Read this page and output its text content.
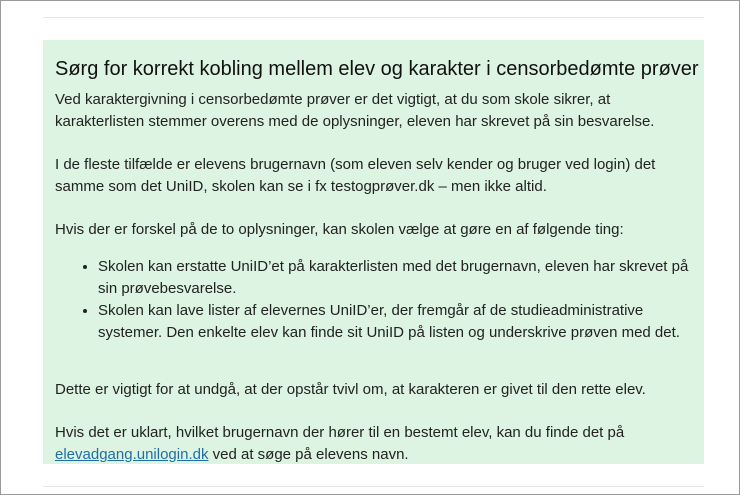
Sørg for korrekt kobling mellem elev og karakter i censorbedømte prøver

Ved karaktergivning i censorbedømte prøver er det vigtigt, at du som skole sikrer, at karakterlisten stemmer overens med de oplysninger, eleven har skrevet på sin besvarelse.

I de fleste tilfælde er elevens brugernavn (som eleven selv kender og bruger ved login) det samme som det UniID, skolen kan se i fx testogprøver.dk – men ikke altid.

Hvis der er forskel på de to oplysninger, kan skolen vælge at gøre en af følgende ting:

• Skolen kan erstatte UniID’et på karakterlisten med det brugernavn, eleven har skrevet på sin prøvebesvarelse.
• Skolen kan lave lister af elevernes UniID’er, der fremgår af de studieadministrative systemer. Den enkelte elev kan finde sit UniID på listen og underskrive prøven med det.

Dette er vigtigt for at undgå, at der opstår tvivl om, at karakteren er givet til den rette elev.

Hvis det er uklart, hvilket brugernavn der hører til en bestemt elev, kan du finde det på elevadgang.unilogin.dk ved at søge på elevens navn.
